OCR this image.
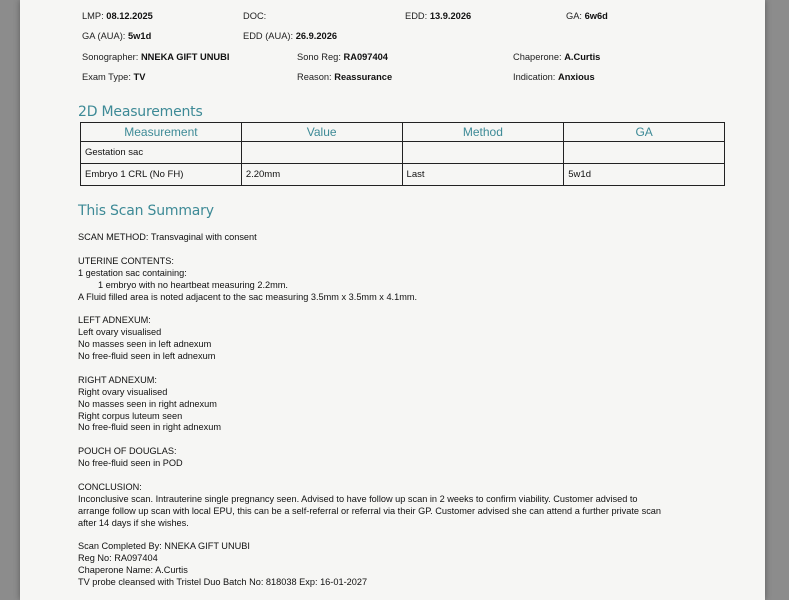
LMP: 08.12.2025	DOC:	EDD: 13.9.2026	GA: 6w6d
GA (AUA): 5w1d	EDD (AUA): 26.9.2026
Sonographer: NNEKA GIFT UNUBI	Sono Reg: RA097404	Chaperone: A.Curtis
Exam Type: TV	Reason: Reassurance	Indication: Anxious
2D Measurements
Measurement	Value	Method	GA
Gestation sac			
Embryo 1 CRL (No FH)	2.20mm	Last	5w1d
This Scan Summary

SCAN METHOD: Transvaginal with consent

UTERINE CONTENTS:

1 gestation sac containing:

1 embryo with no heartbeat measuring 2.2mm.

A Fluid filled area is noted adjacent to the sac measuring 3.5mm x 3.5mm x 4.1mm.

LEFT ADNEXUM:

Left ovary visualised

No masses seen in left adnexum

No free-fluid seen in left adnexum

RIGHT ADNEXUM:

Right ovary visualised

No masses seen in right adnexum

Right corpus luteum seen

No free-fluid seen in right adnexum

POUCH OF DOUGLAS:

No free-fluid seen in POD

CONCLUSION:

Inconclusive scan. Intrauterine single pregnancy seen. Advised to have follow up scan in 2 weeks to confirm viability. Customer advised to

arrange follow up scan with local EPU, this can be a self-referral or referral via their GP. Customer advised she can attend a further private scan

after 14 days if she wishes.

Scan Completed By: NNEKA GIFT UNUBI

Reg No: RA097404

Chaperone Name: A.Curtis

TV probe cleansed with Tristel Duo Batch No: 818038 Exp: 16-01-2027
